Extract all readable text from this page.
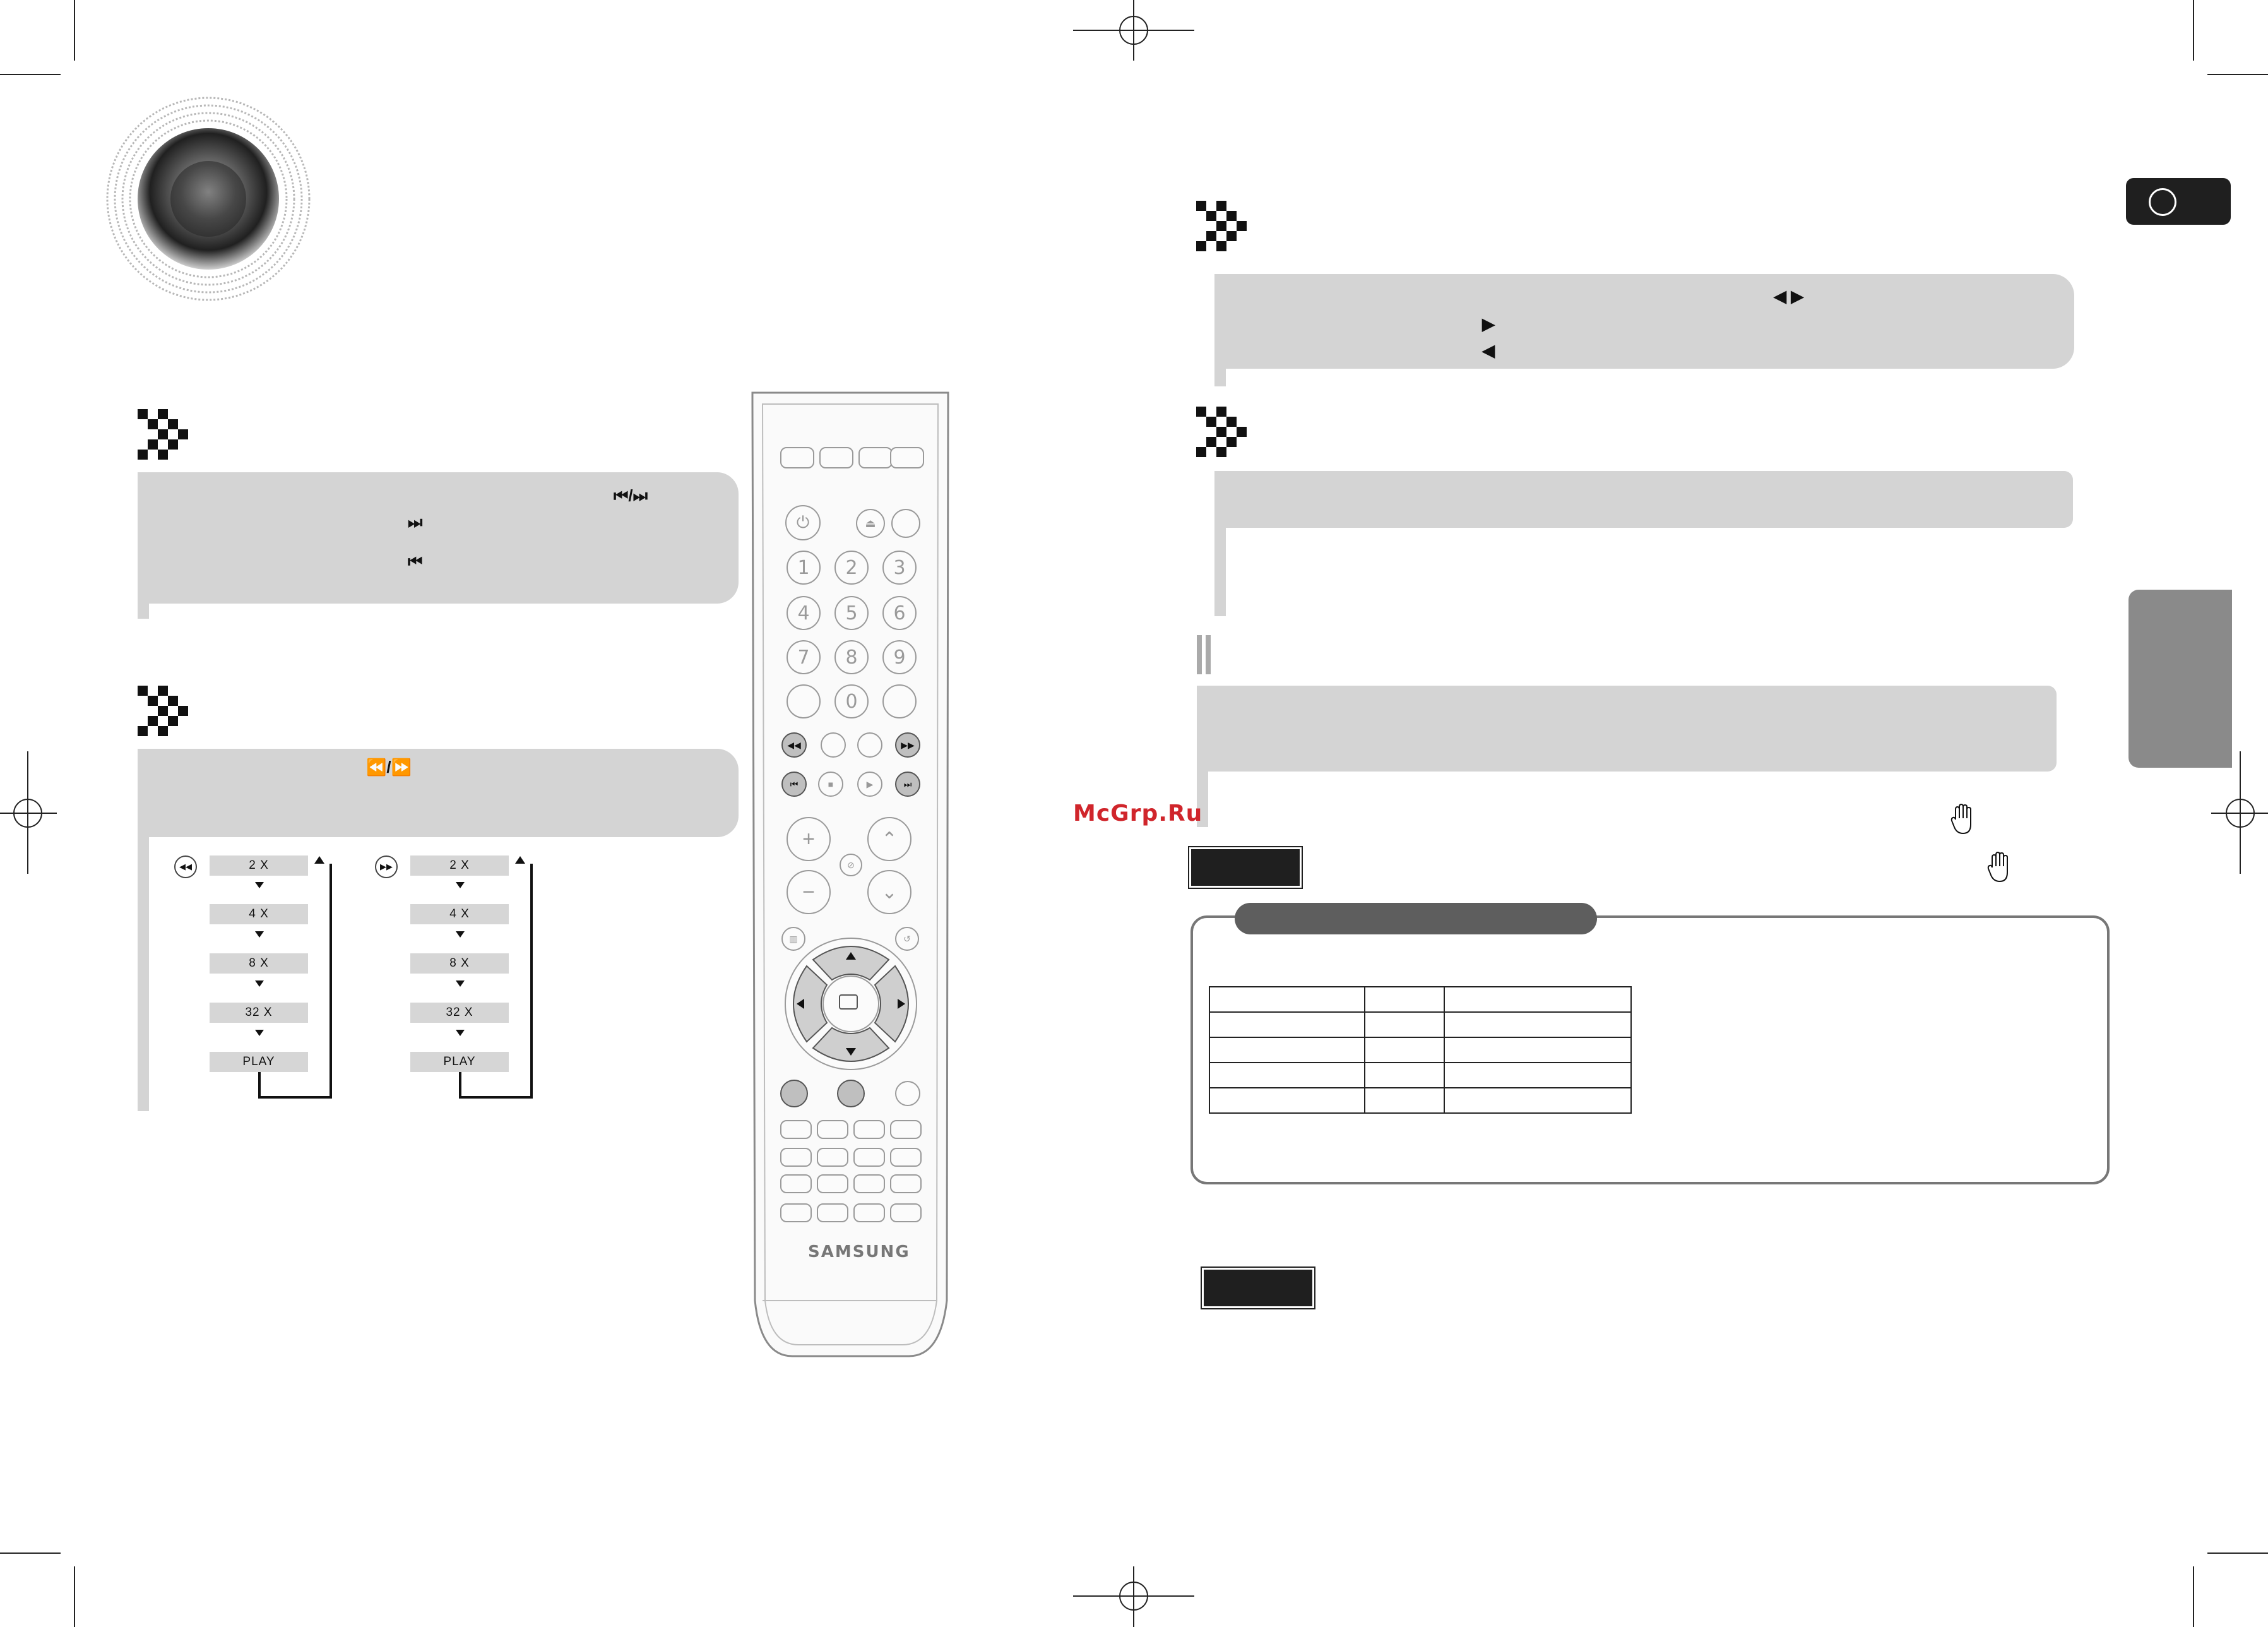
⏮/⏭
⏭
⏮
⏪/⏩
◀◀	2 X
4 X
8 X
32 X
PLAY
▶▶	2 X
4 X
8 X
32 X
PLAY
⏻	⏏
1	2	3
4	5	6
7	8	9
0
◀◀	▶▶
⏮	■	▶	⏭
+
−
⊘
⌃
⌄
▥	↺
SAMSUNG
◀ ▶
▶
◀
McGrp.Ru
